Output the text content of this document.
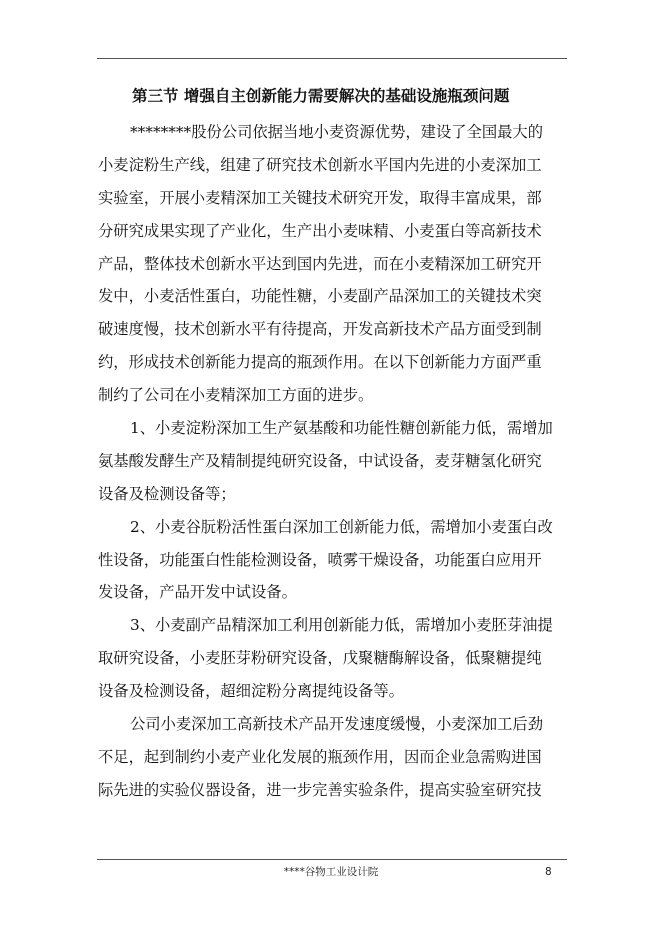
第三节 增强自主创新能力需要解决的基础设施瓶颈问题

********股份公司依据当地小麦资源优势，建设了全国最大的
小麦淀粉生产线，组建了研究技术创新水平国内先进的小麦深加工
实验室，开展小麦精深加工关键技术研究开发，取得丰富成果，部
分研究成果实现了产业化，生产出小麦味精、小麦蛋白等高新技术
产品，整体技术创新水平达到国内先进，而在小麦精深加工研究开
发中，小麦活性蛋白，功能性糖，小麦副产品深加工的关键技术突
破速度慢，技术创新水平有待提高，开发高新技术产品方面受到制
约，形成技术创新能力提高的瓶颈作用。在以下创新能力方面严重
制约了公司在小麦精深加工方面的进步。

1、小麦淀粉深加工生产氨基酸和功能性糖创新能力低，需增加
氨基酸发酵生产及精制提纯研究设备，中试设备，麦芽糖氢化研究
设备及检测设备等；

2、小麦谷朊粉活性蛋白深加工创新能力低，需增加小麦蛋白改
性设备，功能蛋白性能检测设备，喷雾干燥设备，功能蛋白应用开
发设备，产品开发中试设备。

3、小麦副产品精深加工利用创新能力低，需增加小麦胚芽油提
取研究设备，小麦胚芽粉研究设备，戊聚糖酶解设备，低聚糖提纯
设备及检测设备，超细淀粉分离提纯设备等。

公司小麦深加工高新技术产品开发速度缓慢，小麦深加工后劲
不足，起到制约小麦产业化发展的瓶颈作用，因而企业急需购进国
际先进的实验仪器设备，进一步完善实验条件，提高实验室研究技

****谷物工业设计院	8
